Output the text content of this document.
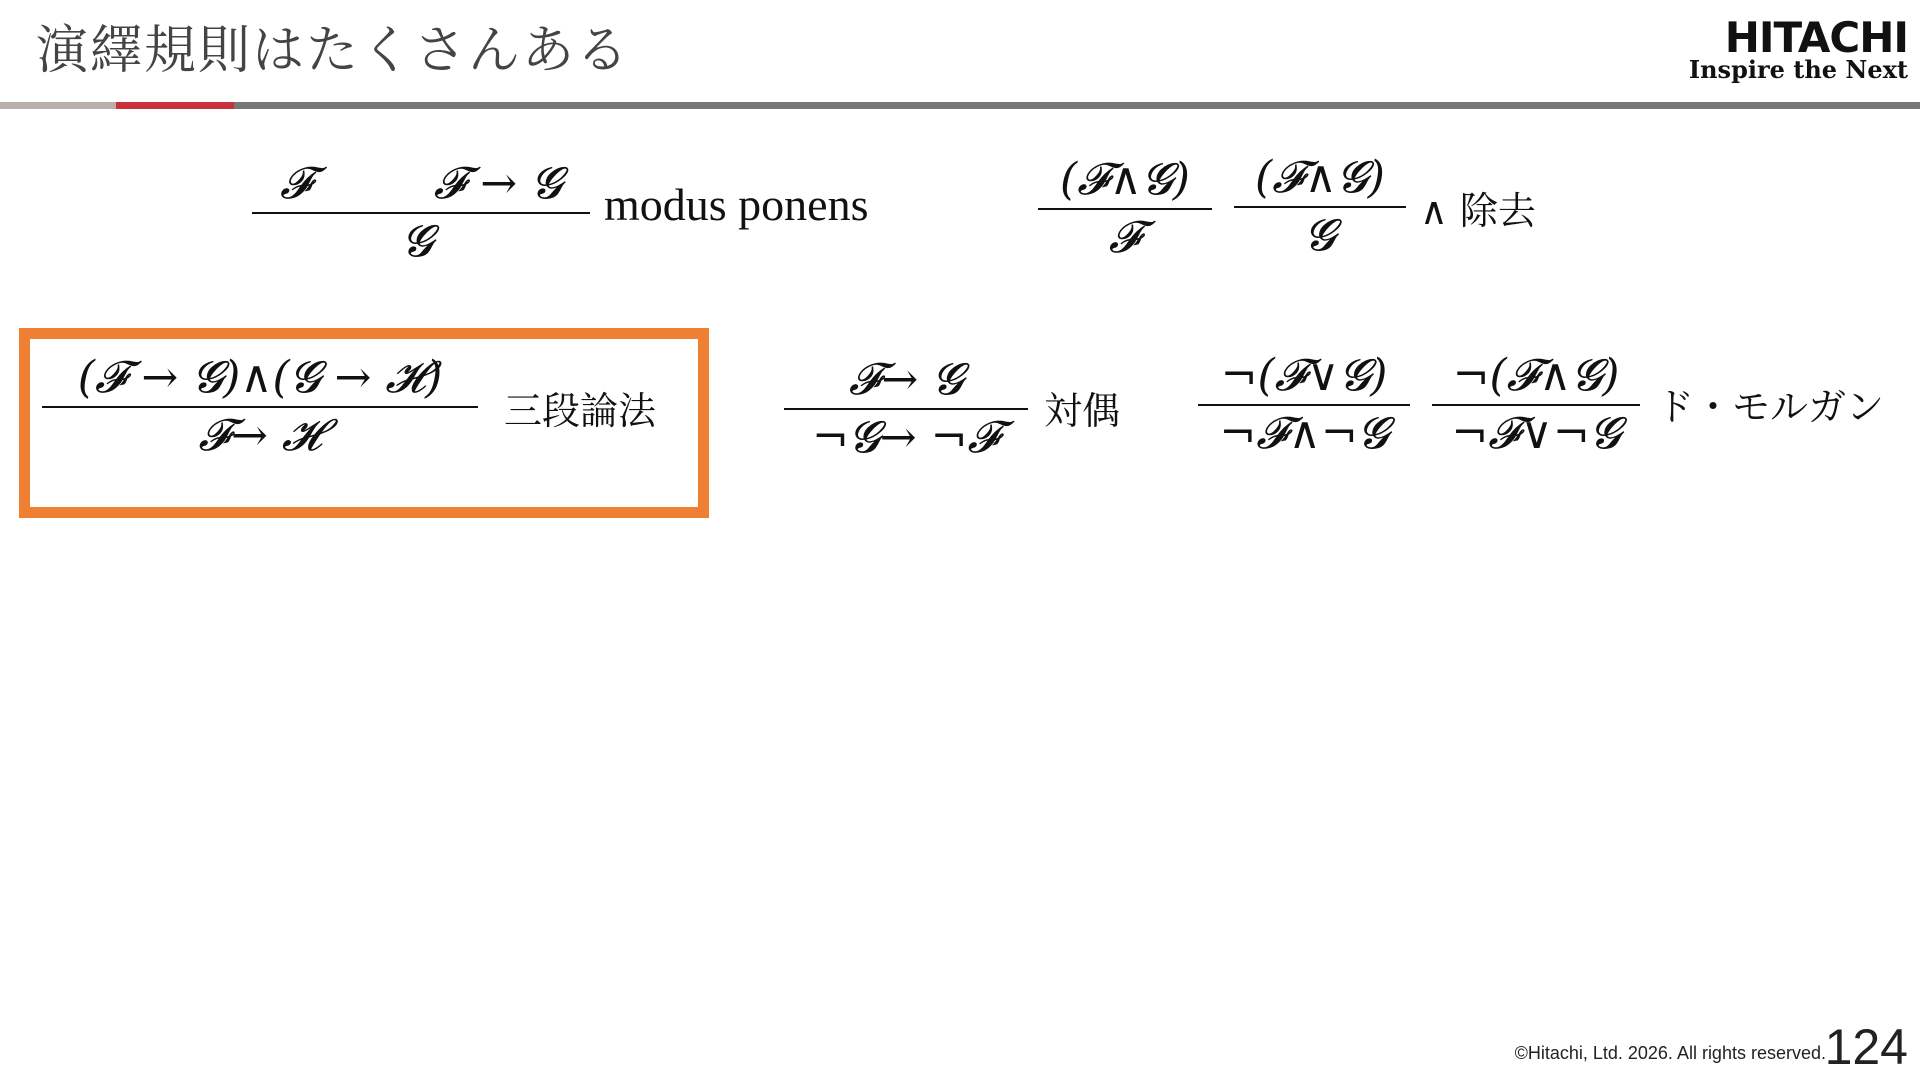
演繹規則はたくさんある	HITACHI
Inspire the Next
𝓕	𝓕 → 𝓖
𝓖
modus ponens	(𝓕∧𝓖)
𝓕
(𝓕∧𝓖)
𝓖 ∧ 除去
(𝓕 → 𝓖)∧(𝓖 → 𝓗)
𝓕→ 𝓗	三段論法
𝓕→ 𝓖
¬𝓖→ ¬𝓕
対偶
¬(𝓕∨𝓖)
¬𝓕∧¬𝓖
¬(𝓕∧𝓖)
¬𝓕∨¬𝓖
ド・モルガン
©Hitachi, Ltd. 2026. All rights reserved.
124
